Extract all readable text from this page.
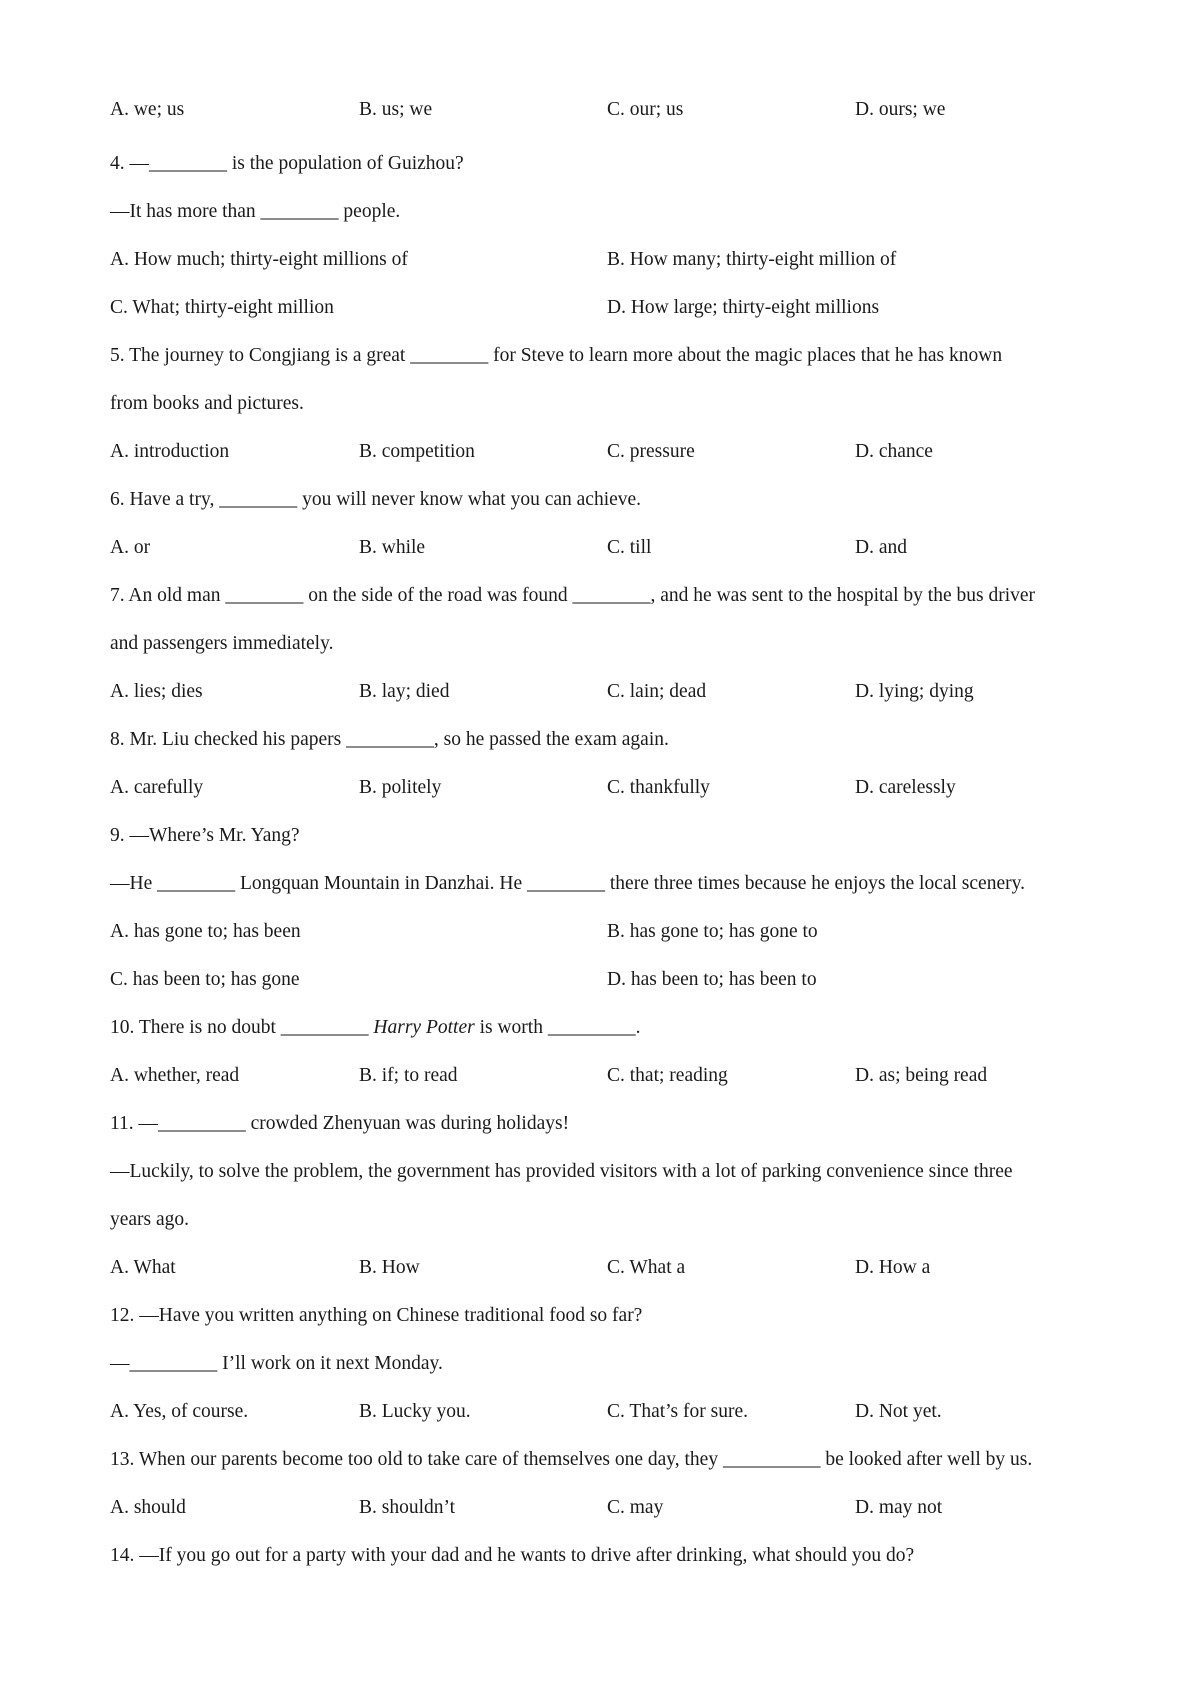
A. we; us	B. us; we	C. our; us	D. ours; we
4. —________ is the population of Guizhou?
—It has more than ________ people.
A. How much; thirty-eight millions of	B. How many; thirty-eight million of
C. What; thirty-eight million	D. How large; thirty-eight millions
5. The journey to Congjiang is a great ________ for Steve to learn more about the magic places that he has known
from books and pictures.
A. introduction	B. competition	C. pressure	D. chance
6. Have a try, ________ you will never know what you can achieve.
A. or	B. while	C. till	D. and
7. An old man ________ on the side of the road was found ________, and he was sent to the hospital by the bus driver
and passengers immediately.
A. lies; dies	B. lay; died	C. lain; dead	D. lying; dying
8. Mr. Liu checked his papers _________, so he passed the exam again.
A. carefully	B. politely	C. thankfully	D. carelessly
9. —Where’s Mr. Yang?
—He ________ Longquan Mountain in Danzhai. He ________ there three times because he enjoys the local scenery.
A. has gone to; has been	B. has gone to; has gone to
C. has been to; has gone	D. has been to; has been to
10. There is no doubt _________ Harry Potter is worth _________.
A. whether, read	B. if; to read	C. that; reading	D. as; being read
11. —_________ crowded Zhenyuan was during holidays!
—Luckily, to solve the problem, the government has provided visitors with a lot of parking convenience since three
years ago.
A. What	B. How	C. What a	D. How a
12. —Have you written anything on Chinese traditional food so far?
—_________ I’ll work on it next Monday.
A. Yes, of course.	B. Lucky you.	C. That’s for sure.	D. Not yet.
13. When our parents become too old to take care of themselves one day, they __________ be looked after well by us.
A. should	B. shouldn’t	C. may	D. may not
14. —If you go out for a party with your dad and he wants to drive after drinking, what should you do?
